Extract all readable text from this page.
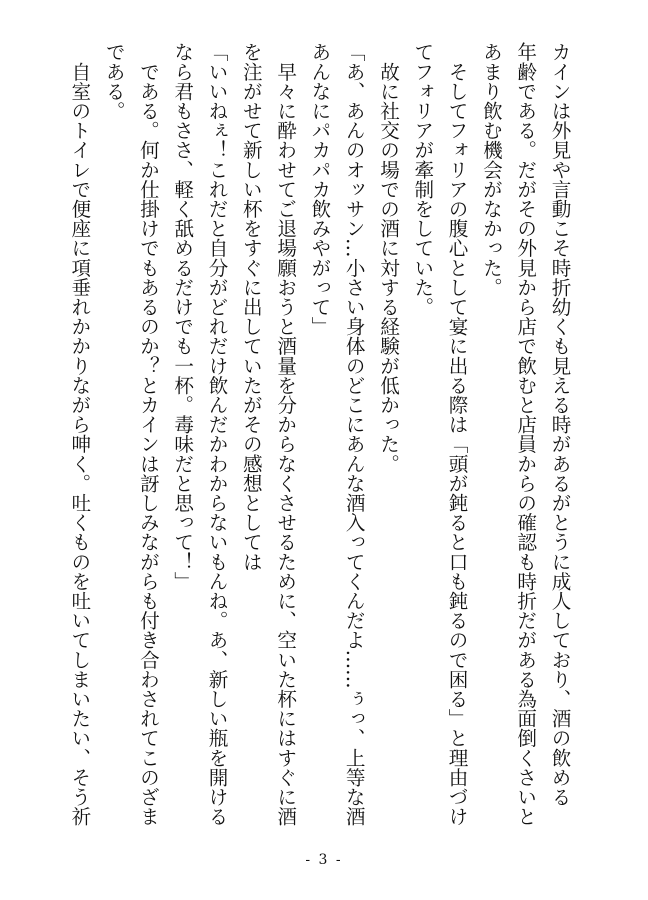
カインは外見や言動こそ時折幼くも見える時があるがとうに成人しており、酒の飲める
年齢である。だがその外見から店で飲むと店員からの確認も時折だがある為面倒くさいと
あまり飲む機会がなかった。
　そしてフォリアの腹心として宴に出る際は「頭が鈍ると口も鈍るので困る」と理由づけ
てフォリアが牽制をしていた。
　故に社交の場での酒に対する経験が低かった。
「あ、あんのオッサン…小さい身体のどこにあんな酒入ってくんだよ……ぅっ、上等な酒
あんなにパカパカ飲みやがって」
　早々に酔わせてご退場願おうと酒量を分からなくさせるために、空いた杯にはすぐに酒
を注がせて新しい杯をすぐに出していたがその感想としては
「いいねぇ！これだと自分がどれだけ飲んだかわからないもんね。あ、新しい瓶を開ける
なら君もささ、軽く舐めるだけでも一杯。毒味だと思って！」
　である。何か仕掛けでもあるのか？とカインは訝しみながらも付き合わされてこのざま
である。
　自室のトイレで便座に項垂れかかりながら呻く。吐くものを吐いてしまいたい、そう祈
- 3 -
